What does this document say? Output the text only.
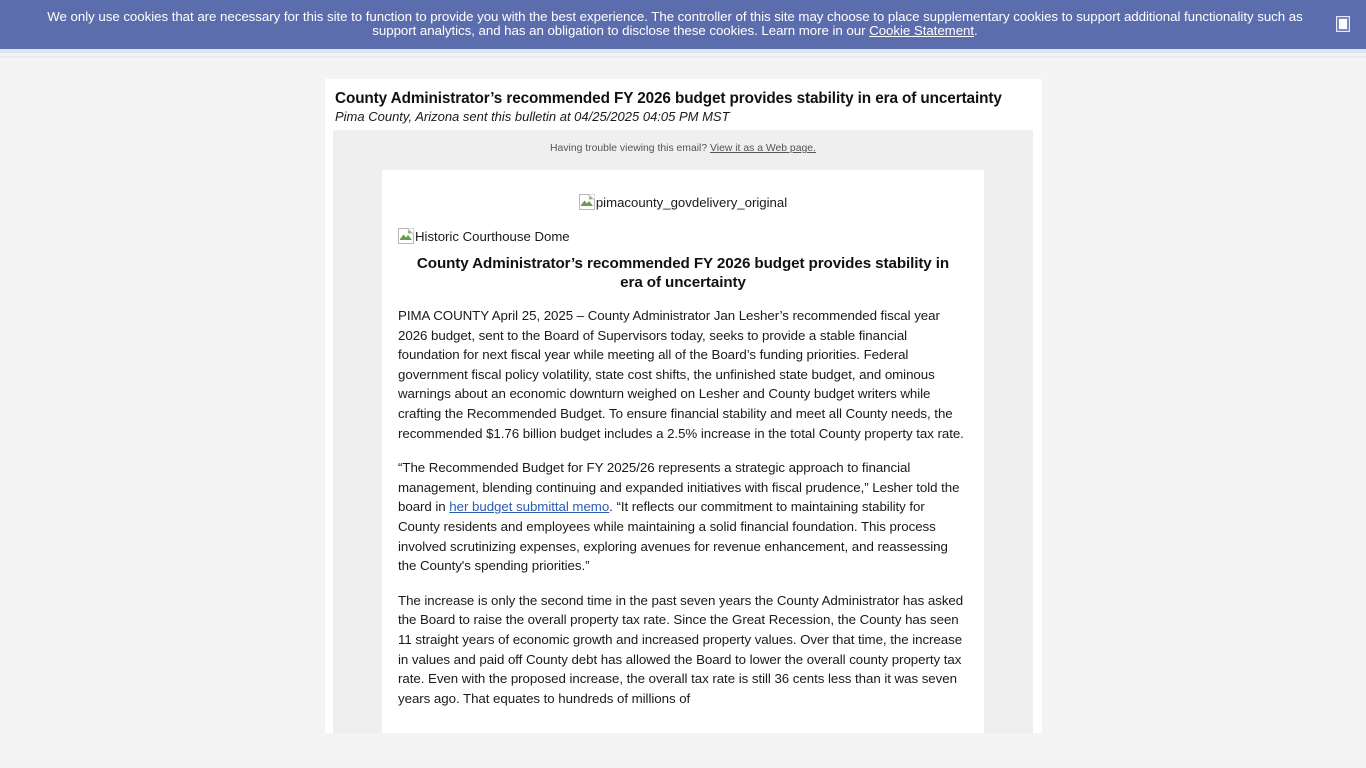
We only use cookies that are necessary for this site to function to provide you with the best experience. The controller of this site may choose to place supplementary cookies to support additional functionality such as support analytics, and has an obligation to disclose these cookies. Learn more in our Cookie Statement.
County Administrator’s recommended FY 2026 budget provides stability in era of uncertainty
Pima County, Arizona sent this bulletin at 04/25/2025 04:05 PM MST
Having trouble viewing this email? View it as a Web page.
pimacounty_govdelivery_original
Historic Courthouse Dome
County Administrator’s recommended FY 2026 budget provides stability in era of uncertainty

PIMA COUNTY April 25, 2025 – County Administrator Jan Lesher’s recommended fiscal year 2026 budget, sent to the Board of Supervisors today, seeks to provide a stable financial foundation for next fiscal year while meeting all of the Board’s funding priorities. Federal government fiscal policy volatility, state cost shifts, the unfinished state budget, and ominous warnings about an economic downturn weighed on Lesher and County budget writers while crafting the Recommended Budget. To ensure financial stability and meet all County needs, the recommended $1.76 billion budget includes a 2.5% increase in the total County property tax rate.

“The Recommended Budget for FY 2025/26 represents a strategic approach to financial management, blending continuing and expanded initiatives with fiscal prudence,” Lesher told the board in her budget submittal memo. “It reflects our commitment to maintaining stability for County residents and employees while maintaining a solid financial foundation. This process involved scrutinizing expenses, exploring avenues for revenue enhancement, and reassessing the County's spending priorities.”

The increase is only the second time in the past seven years the County Administrator has asked the Board to raise the overall property tax rate. Since the Great Recession, the County has seen 11 straight years of economic growth and increased property values. Over that time, the increase in values and paid off County debt has allowed the Board to lower the overall county property tax rate. Even with the proposed increase, the overall tax rate is still 36 cents less than it was seven years ago. That equates to hundreds of millions of
